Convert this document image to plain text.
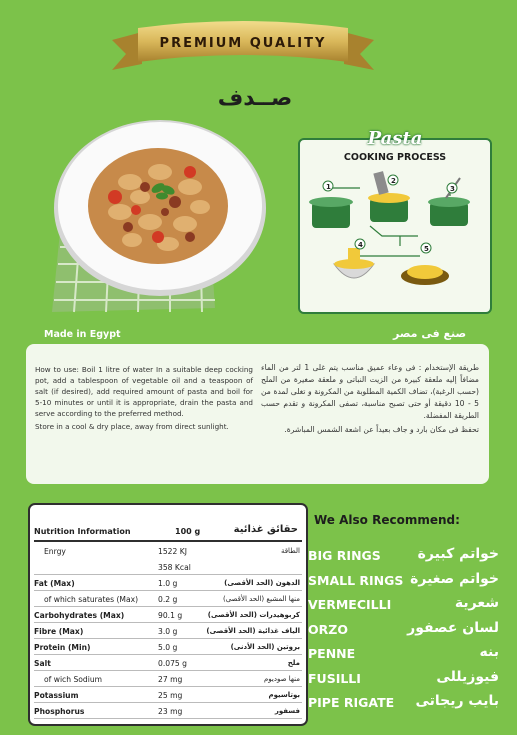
PREMIUM QUALITY
صــدف
Pasta
COOKING PROCESS
1
2
3
4	5
Made in Egypt	صنع فى مصر

How to use: Boil 1 litre of water In a suitable deep cocking pot, add a tablespoon of vegetable oil and a teaspoon of salt (if desired), add required amount of pasta and boil for 5-10 minutes or until it is appropriate, drain the pasta and serve according to the preferred method.

Store in a cool & dry place, away from direct sunlight.

طريقة الإستخدام : فى وعاء عميق مناسب يتم غلى 1 لتر من الماء مضافاً إليه ملعقة كبيرة من الزيت النباتى و ملعقة صغيرة من الملح (حسب الرغبة)، تضاف الكمية المطلوبة من المكرونة و تغلى لمدة من 5 - 10 دقيقة أو حتى تصبح مناسبة، تصفى المكرونة و تقدم حسب الطريقة المفضلة.

تحفظ فى مكان بارد و جاف بعيداً عن اشعة الشمس المباشرة.

Nutrition Information	100 g	حقائق غذائية
Enrgy	1522 KJ	الطاقة
358 Kcal
Fat (Max)	1.0 g	الدهون (الحد الأقصى)
of which saturates (Max)	0.2 g	منها المشبع (الحد الأقصى)
Carbohydrates (Max)	90.1 g	كربوهيدرات (الحد الأقصى)
Fibre (Max)	3.0 g	الياف غذائية (الحد الأقصى)
Protein (Min)	5.0 g	بروتين (الحد الأدنى)
Salt	0.075 g	ملح
of wich Sodium	27 mg	منها صوديوم
Potassium	25 mg	بوتاسيوم
Phosphorus	23 mg	فسفور
We Also Recommend:
BIG RINGS	خواتم كبيرة
SMALL RINGS خواتم صغيرة
VERMECILLI	شعرية
ORZO	لسان عصفور
PENNE	بنه
FUSILLI	فيوزيللى
PIPE RIGATE بايب ريجاتى
